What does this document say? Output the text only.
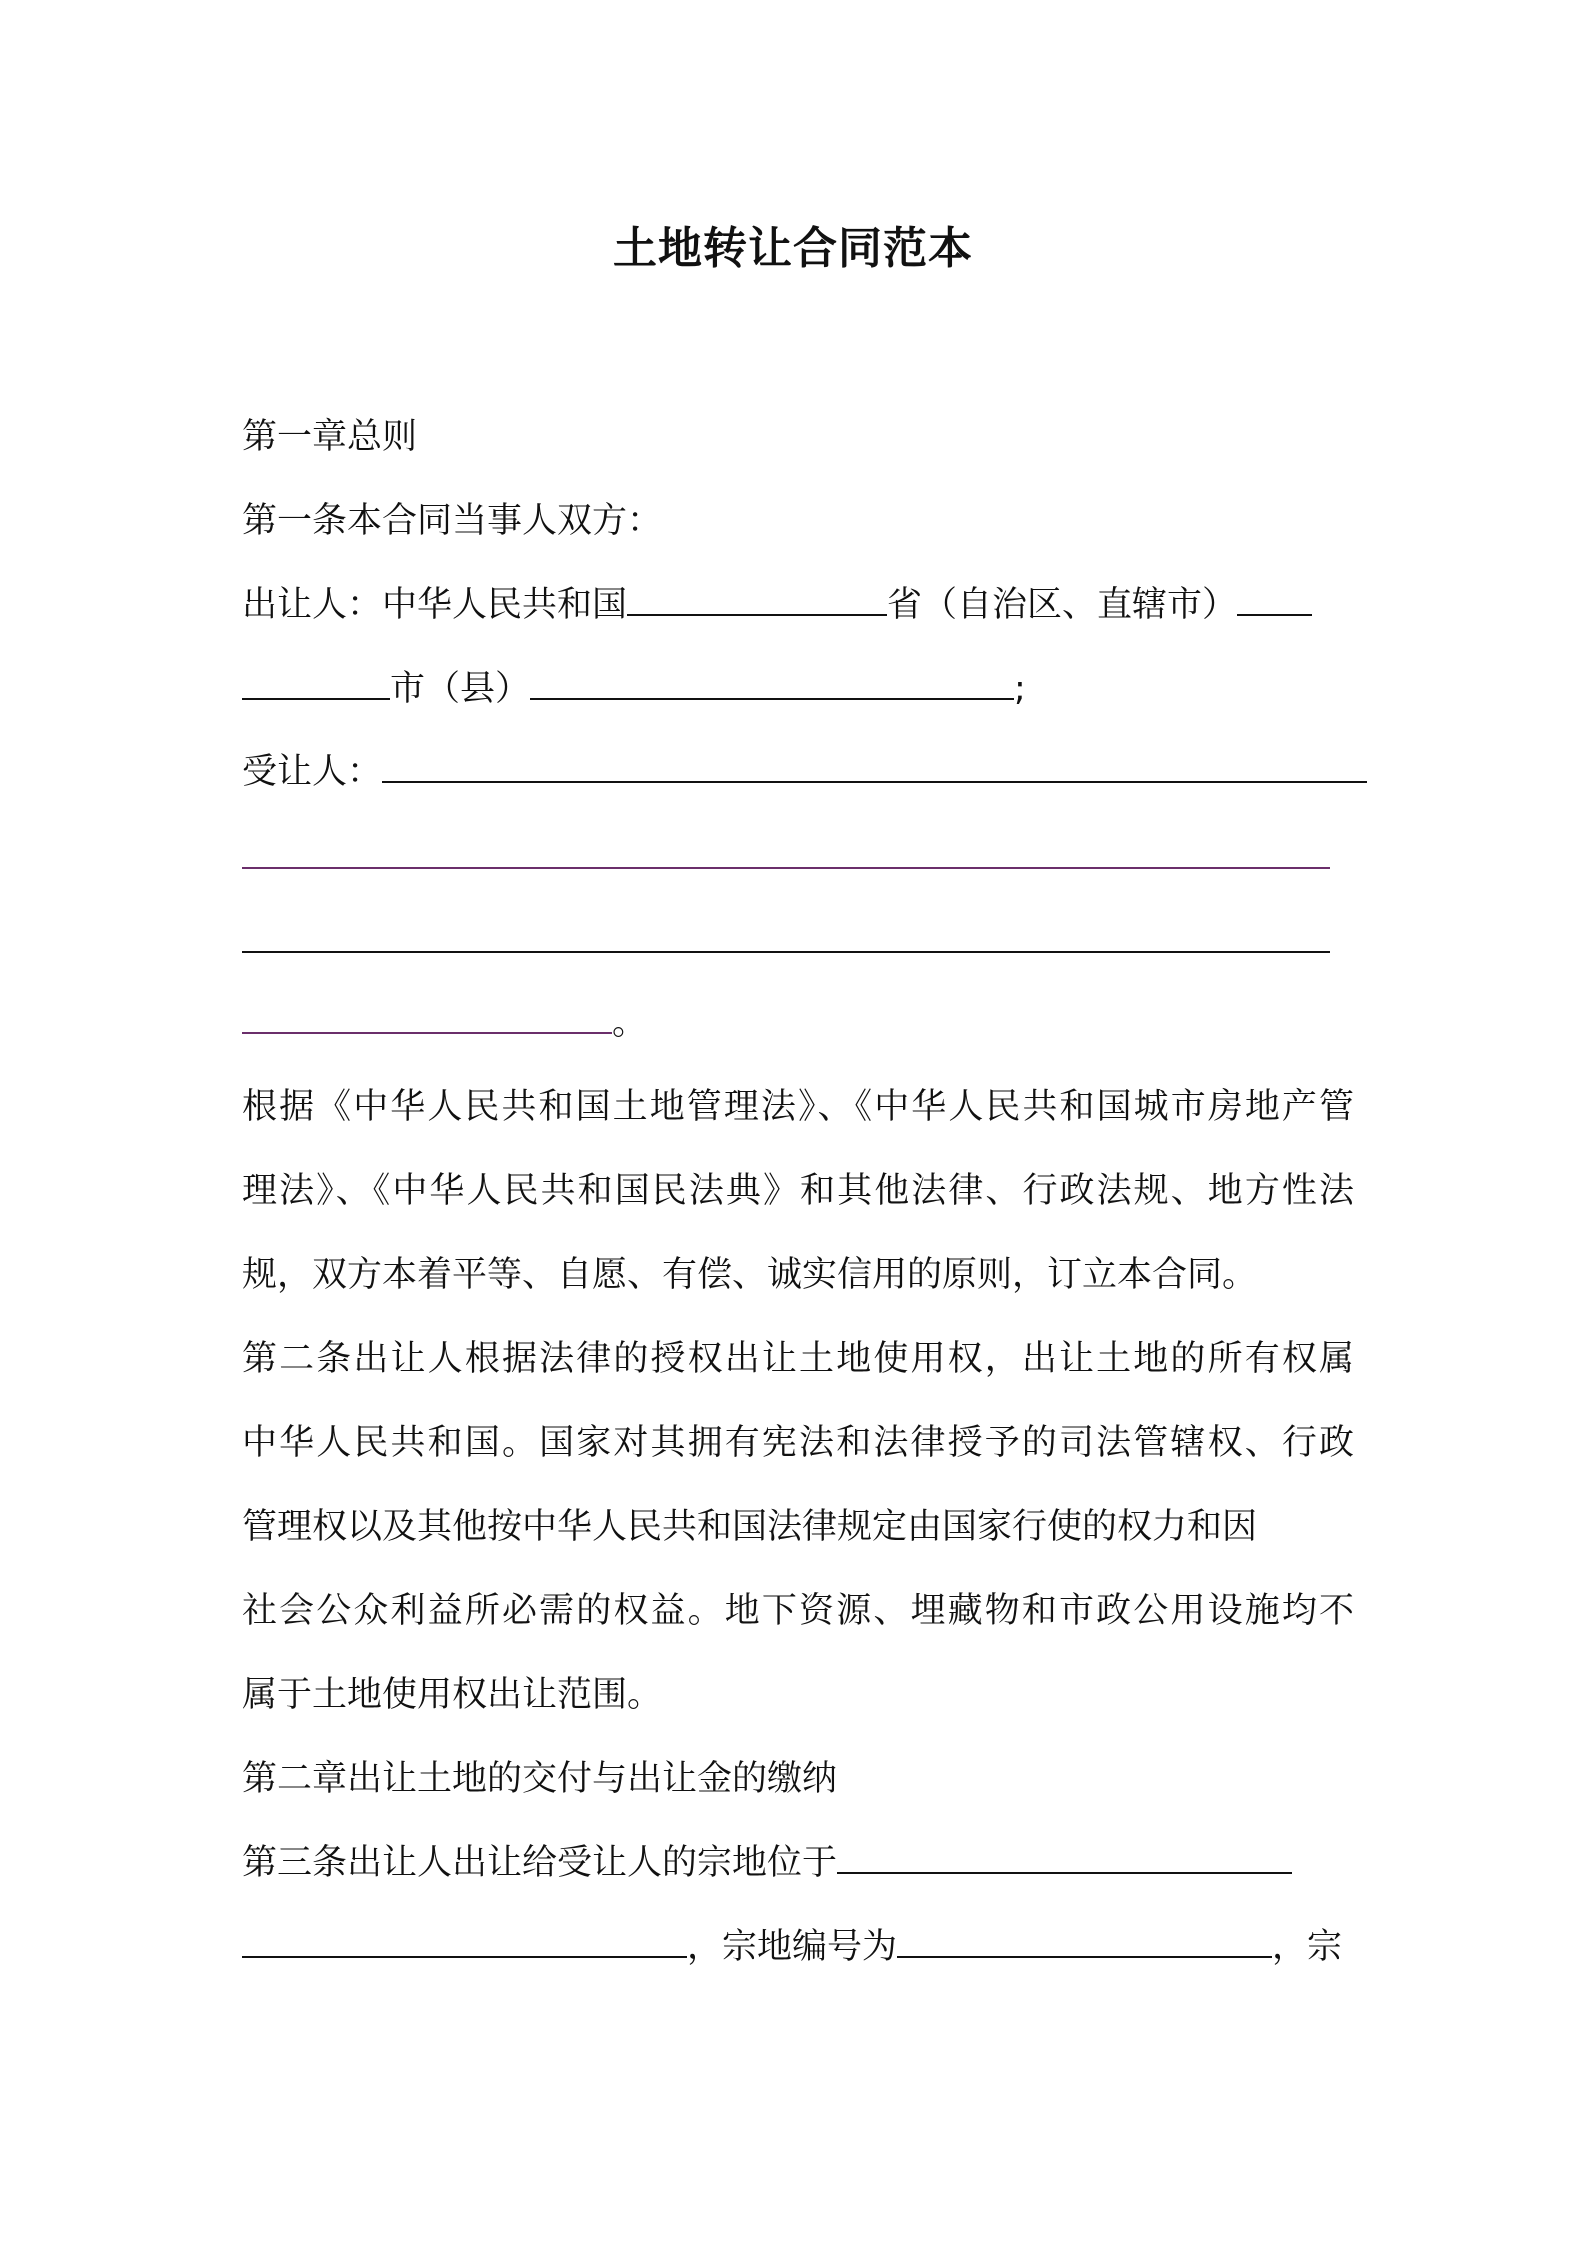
土地转让合同范本
第一章总则
第一条本合同当事人双方：
出让人：中华人民共和国	省（自治区、直辖市）
市（县）	;
受让人：
。
根据《中华人民共和国土地管理法》、《中华人民共和国城市房地产管
理法》、《中华人民共和国民法典》和其他法律、行政法规、地方性法
规，双方本着平等、自愿、有偿、诚实信用的原则，订立本合同。
第二条出让人根据法律的授权出让土地使用权，出让土地的所有权属
中华人民共和国。国家对其拥有宪法和法律授予的司法管辖权、行政
管理权以及其他按中华人民共和国法律规定由国家行使的权力和因
社会公众利益所必需的权益。地下资源、埋藏物和市政公用设施均不
属于土地使用权出让范围。
第二章出让土地的交付与出让金的缴纳
第三条出让人出让给受让人的宗地位于
，宗地编号为	，宗
